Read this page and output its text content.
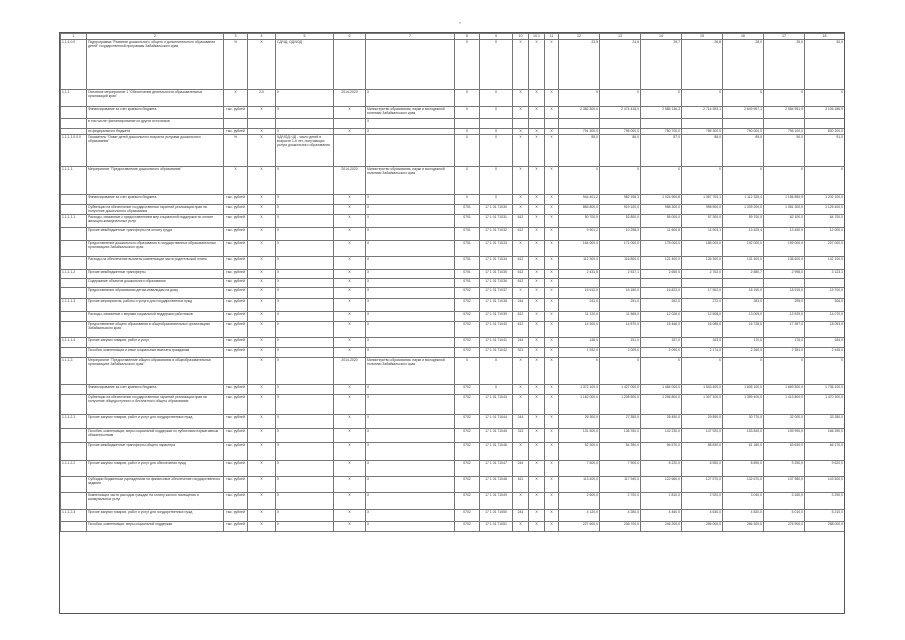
"
1	2	3	4	5	6	7	8	9	10	10.1	11	12	13	14	15	16	17	18
1.1.1.0.0	Подпрограмма "Развитие дошкольного, общего и дополнительного образования детей" государственной программы Забайкальского края	%	X	СД/ЧД; ОД/ЧОД			X	X	X	X	X	23,5	24,6	25,7	26,8	28,0	29,0	30,0
1.1.1.	Основное мероприятие 1 "Обеспечение деятельности образовательных организаций края"	X	2.0	X	2014-2020	X	X	X	X	X	X	X	X	X	X	X	X	X
	Финансирование за счет краевого бюджета	тыс. рублей	X	X	X	Министерство образования, науки и молодежной политики Забайкальского края	X	X	X	X	X	2 382 300,0	2 474 418,0	2 585 136,3	2 714 393,1	2 849 957,1	2 984 951,9	3 106 186,9
	в том числе: финансирование из других источников					X												
	из федерального бюджета	тыс. рублей	X	X	X	X	X	X	X	X	X	791 300,0	795 000,0	780 700,0	785 300,0	790 000,0	795 100,0	800 200,0
1.1.1.1.0.0.0	Показатель "Охват детей дошкольного возраста услугами дошкольного образования"	%	X	ЧД/ЧОД; ЧД - число детей в возрасте 1-6 лет, получающих услуги дошкольного образования			X	X	X	X	X	85,0	86,0	87,0	88,0	89,0	90,0	91,0
1.1.1.1.	Мероприятие "Предоставление дошкольного образования"	X	X	X	2014-2020	Министерство образования, науки и молодежной политики Забайкальского края	X	X	X	X	X	X	X	X	X	X	X	X
	Финансирование за счет краевого бюджета	тыс. рублей	X	X	X	X	X	X	X	X	X	944 401,2	982 198,3	1 024 900,8	1 067 703,1	1 112 325,4	1 156 850,9	1 202 100,0
	Субвенции на обеспечение государственных гарантий реализации прав на получение дошкольного образования	тыс. рублей	X	X	X	X	0701	17 1 01 71030	X	X	X	883 800,0	919 100,0	958 300,0	998 500,0	1 039 200,0	1 081 300,0	1 125 400,0
1.1.1.1.1	Расходы, связанные с предоставлением мер социальной поддержки по оплате жилищно-коммунальных услуг	тыс. рублей	X	X	X	X	0701	17 1 01 71031	612	X	X	50 700,0	52 800,0	55 000,0	57 300,0	59 700,0	62 100,0	64 700,0
	Прочие межбюджетные трансферты на оплату труда	тыс. рублей	X	X	X	X	0701	17 1 01 71032	612	X	X	9 901,2	10 298,3	11 600,8	11 903,1	13 425,4	13 450,9	12 000,0
	Предоставление дошкольного образования в государственных образовательных организациях Забайкальского края	тыс. рублей	X	X	X	X	0701	17 1 01 71033	X	X	X	164 000,0	171 000,0	178 000,0	185 000,0	192 000,0	199 000,0	207 000,0
	Расходы на обеспечение выплаты компенсации части родительской платы	тыс. рублей	X	X	X	X	0701	17 1 01 71034	612	X	X	112 300,0	116 800,0	121 400,0	126 300,0	131 400,0	136 600,0	142 100,0
1.1.1.1.2	Прочие межбюджетные трансферты	тыс. рублей	X	X	X	X	0701	17 1 01 71035	612	X	X	2 431,5	2 537,1	2 650,0	2 762,0	2 880,7	2 998,0	3 123,1
	Содержание объектов дошкольного образования	тыс. рублей	X	X	X	X	0701	17 1 01 71036	612	X	X							
	Предоставление образования детям-инвалидам на дому	тыс. рублей	X	X	X	X	0702	17 1 01 71037	X	X	X	15 612,0	16 180,0	16 823,0	17 502,0	18 190,0	18 915,0	19 700,0
1.1.1.1.3	Прочие мероприятия, работы и услуги для государственных нужд	тыс. рублей	X	X	X	X	0702	17 1 01 71038	244	X	X	241,0	251,0	262,0	272,0	283,0	295,0	306,0
	Расходы, связанные с мерами социальной поддержки работников	тыс. рублей	X	X	X	X	0702	17 1 01 71039	612	X	X	11 120,0	11 565,0	12 026,0	12 508,0	13 009,0	13 529,0	14 070,0
	Предоставление общего образования в общеобразовательных организациях Забайкальского края	тыс. рублей	X	X	X	X	0702	17 1 01 71040	612	X	X	14 300,0	14 870,0	15 466,0	16 085,0	16 728,0	17 397,0	18 093,0
1.1.1.1.4	Прочие закупки товаров, работ и услуг	тыс. рублей	X	X	X	X	0702	17 1 01 71041	244	X	X	145,0	151,0	157,0	163,0	170,0	176,0	184,0
	Пособия, компенсации и иные социальные выплаты гражданам	тыс. рублей	X	X	X	X	0702	17 1 01 71042	321	X	X	1 932,0	2 009,0	2 090,0	2 174,0	2 260,0	2 351,0	2 445,0
1.1.1.2.	Мероприятие "Предоставление общего образования в общеобразовательных организациях Забайкальского края"		X	X	2014-2020	Министерство образования, науки и молодежной политики Забайкальского края	X	X	X	X	X	X	X	X	X	X	X	X
	Финансирование за счет краевого бюджета	тыс. рублей	X	X	X	X	0702	X	X	X	X	1 372 100,0	1 427 000,0	1 484 000,0	1 543 400,0	1 605 100,0	1 669 300,0	1 736 100,0
	Субвенции на обеспечение государственных гарантий реализации прав на получение общедоступного и бесплатного общего образования	тыс. рублей	X	X	X	X	0702	17 1 01 71043	X	X	X	1 162 000,0	1 208 500,0	1 256 800,0	1 307 100,0	1 359 400,0	1 413 800,0	1 470 300,0
1.1.1.2.1	Прочие закупки товаров, работ и услуг для государственных нужд	тыс. рублей	X	X	X	X	0702	17 1 01 71044	244	X	X	26 300,0	27 350,0	28 450,0	29 590,0	30 770,0	32 000,0	33 280,0
	Пособия, компенсации, меры социальной поддержки по публичным нормативным обязательствам	тыс. рублей	X	X	X	X	0702	17 1 01 71045	313	X	X	131 500,0	136 760,0	142 230,0	147 920,0	153 840,0	159 990,0	166 390,0
	Прочие межбюджетные трансферты общего характера	тыс. рублей	X	X	X	X	0702	17 1 01 71046	X	X	X	52 300,0	54 390,0	56 570,0	58 830,0	61 180,0	63 630,0	66 170,0
1.1.1.2.2	Прочие закупки товаров, работ и услуг для обеспечения нужд	тыс. рублей	X	X	X	X	0702	17 1 01 71047	244	X	X	7 600,0	7 900,0	8 220,0	8 550,0	8 890,0	9 250,0	9 620,0
	Субсидии бюджетным учреждениям на финансовое обеспечение государственного задания	тыс. рублей	X	X	X	X	0702	17 1 01 71048	611	X	X	113 400,0	117 940,0	122 660,0	127 570,0	132 670,0	137 980,0	143 500,0
	Компенсация части расходов граждан на оплату жилого помещения и коммунальных услуг	тыс. рублей	X	X	X	X	0702	17 1 01 71049	X	X	X	2 600,0	2 700,0	2 810,0	2 920,0	3 040,0	3 160,0	3 290,0
1.1.1.2.3	Прочие закупки товаров, работ и услуг для государственных нужд	тыс. рублей	X	X	X	X	0702	17 1 01 71050	244	X	X	4 120,0	4 280,0	4 460,0	4 630,0	4 820,0	5 010,0	5 210,0
	Пособия, компенсации, меры социальной поддержки	тыс. рублей	X	X	X	X	0702	17 1 01 71051	X	X	X	227 600,0	236 700,0	246 200,0	256 000,0	266 300,0	276 900,0	288 000,0
